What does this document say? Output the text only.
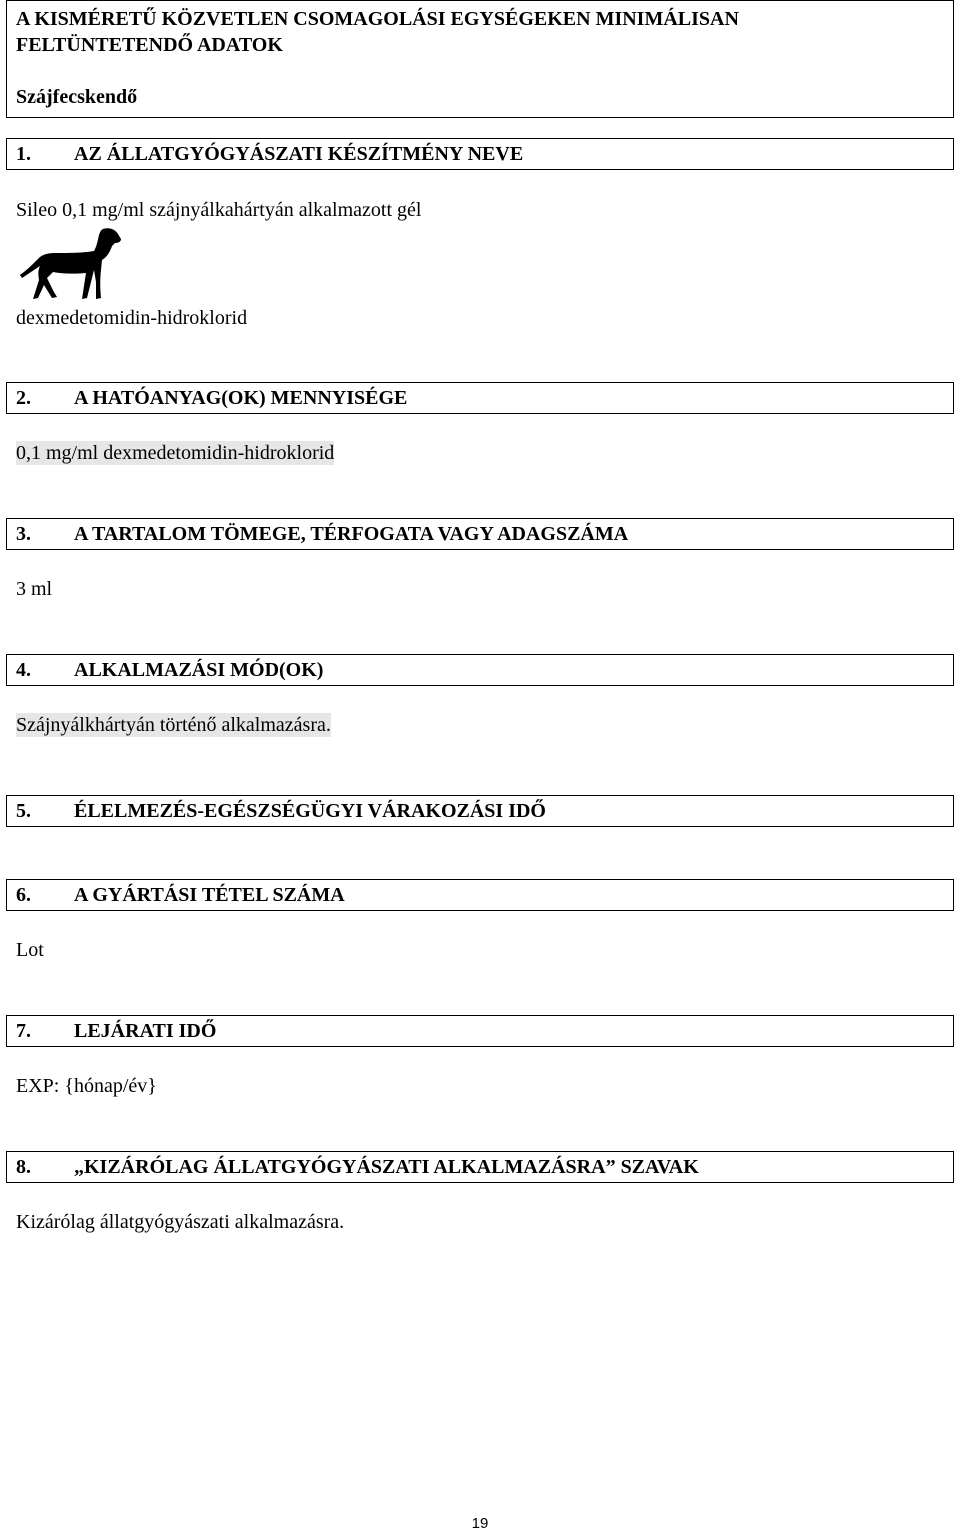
A KISMÉRETŰ KÖZVETLEN CSOMAGOLÁSI EGYSÉGEKEN MINIMÁLISAN FELTÜNTETENDŐ ADATOK
Szájfecskendő
1. AZ ÁLLATGYÓGYÁSZATI KÉSZÍTMÉNY NEVE
Sileo 0,1 mg/ml szájnyálkahártyán alkalmazott gél
dexmedetomidin-hidroklorid
2. A HATÓANYAG(OK) MENNYISÉGE
0,1 mg/ml dexmedetomidin-hidroklorid
3. A TARTALOM TÖMEGE, TÉRFOGATA VAGY ADAGSZÁMA
3 ml
4. ALKALMAZÁSI MÓD(OK)
Szájnyálkhártyán történő alkalmazásra.
5. ÉLELMEZÉS-EGÉSZSÉGÜGYI VÁRAKOZÁSI IDŐ
6. A GYÁRTÁSI TÉTEL SZÁMA
Lot
7. LEJÁRATI IDŐ
EXP: {hónap/év}
8. „KIZÁRÓLAG ÁLLATGYÓGYÁSZATI ALKALMAZÁSRA” SZAVAK
Kizárólag állatgyógyászati alkalmazásra.
19
